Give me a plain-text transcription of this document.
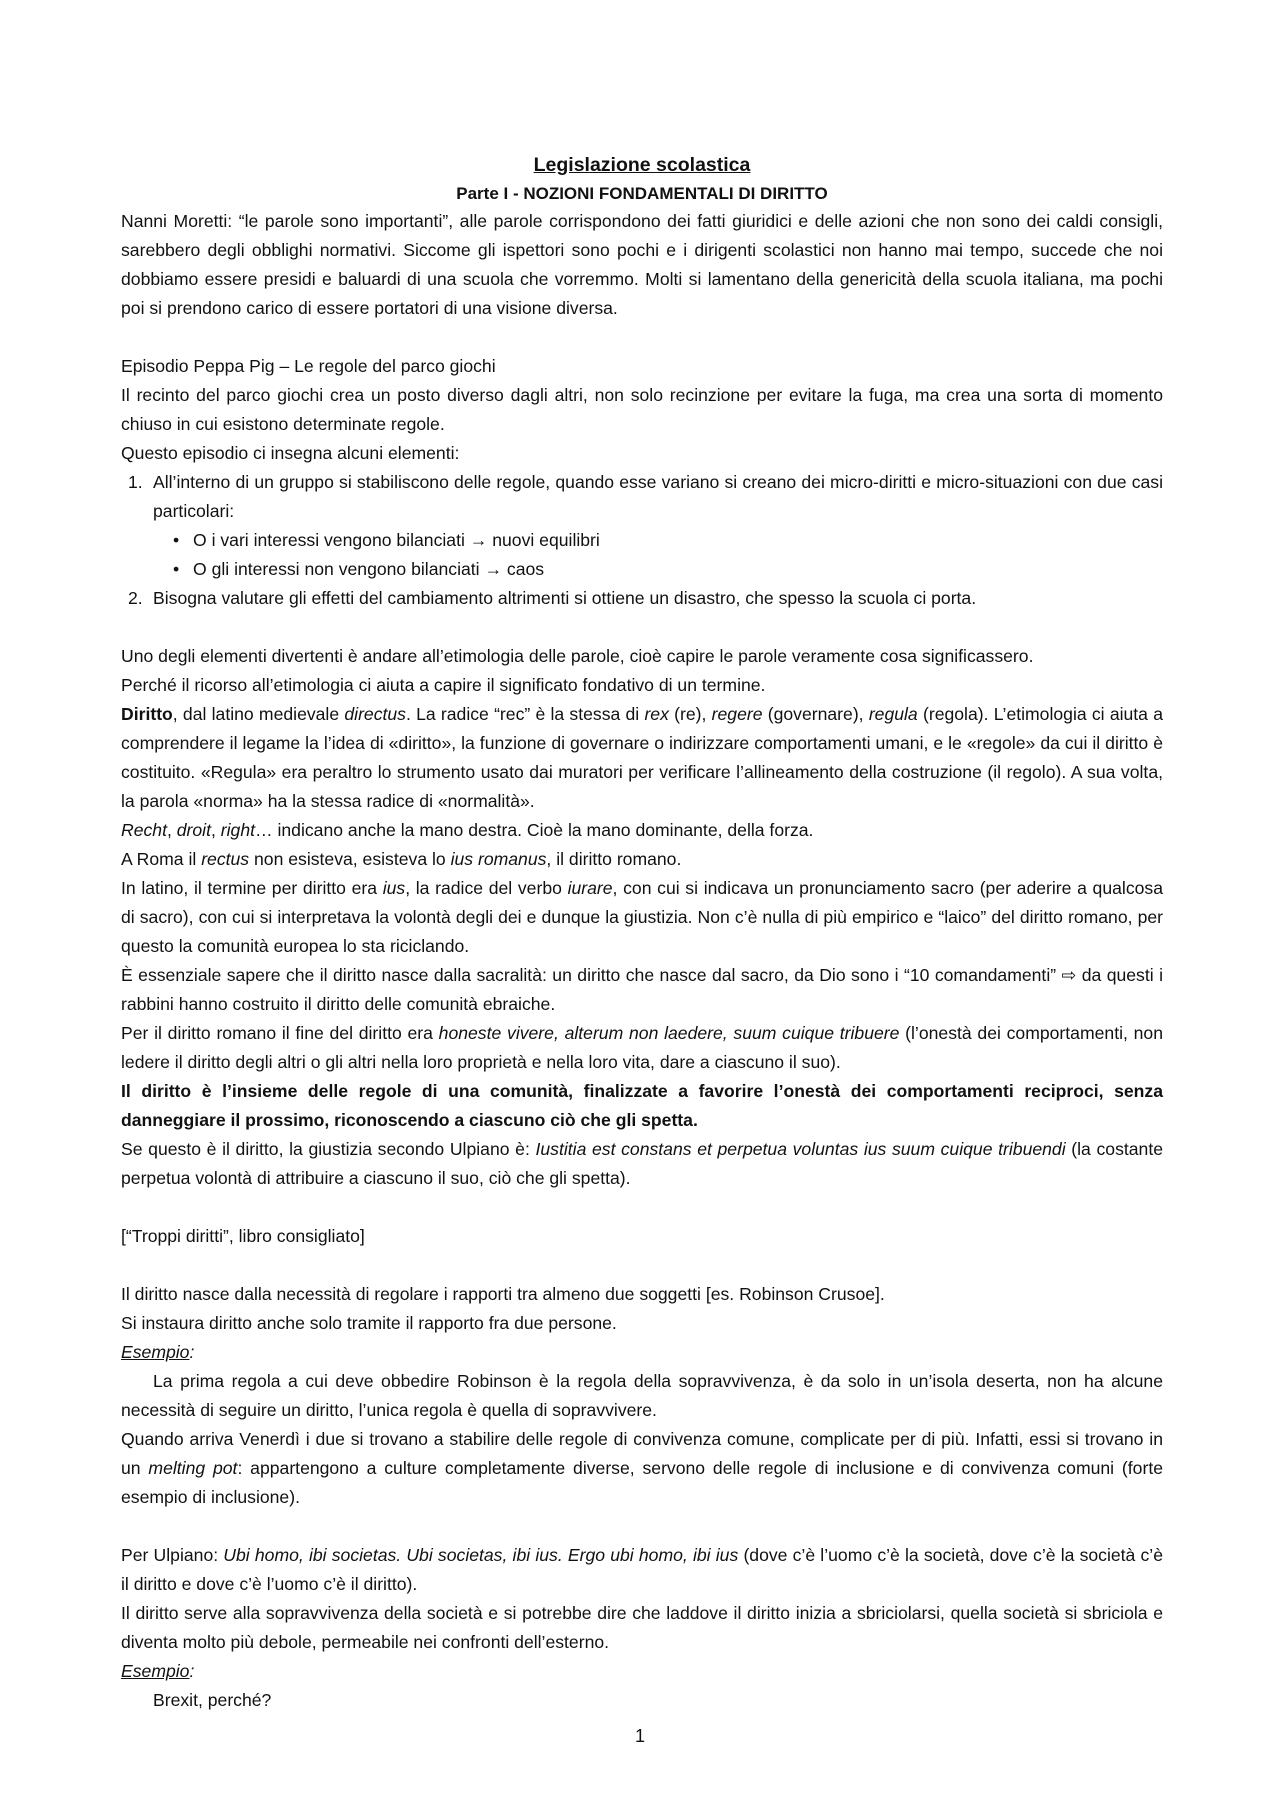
Legislazione scolastica
Parte I - NOZIONI FONDAMENTALI DI DIRITTO

Nanni Moretti: “le parole sono importanti”, alle parole corrispondono dei fatti giuridici e delle azioni che non sono dei caldi consigli, sarebbero degli obblighi normativi. Siccome gli ispettori sono pochi e i dirigenti scolastici non hanno mai tempo, succede che noi dobbiamo essere presidi e baluardi di una scuola che vorremmo. Molti si lamentano della genericità della scuola italiana, ma pochi poi si prendono carico di essere portatori di una visione diversa.

Episodio Peppa Pig – Le regole del parco giochi

Il recinto del parco giochi crea un posto diverso dagli altri, non solo recinzione per evitare la fuga, ma crea una sorta di momento chiuso in cui esistono determinate regole.

Questo episodio ci insegna alcuni elementi:

1. All’interno di un gruppo si stabiliscono delle regole, quando esse variano si creano dei micro-diritti e micro-situazioni con due casi particolari:
• O i vari interessi vengono bilanciati → nuovi equilibri
• O gli interessi non vengono bilanciati → caos
2. Bisogna valutare gli effetti del cambiamento altrimenti si ottiene un disastro, che spesso la scuola ci porta.

Uno degli elementi divertenti è andare all’etimologia delle parole, cioè capire le parole veramente cosa significassero.

Perché il ricorso all’etimologia ci aiuta a capire il significato fondativo di un termine.

Diritto, dal latino medievale directus. La radice “rec” è la stessa di rex (re), regere (governare), regula (regola). L’etimologia ci aiuta a comprendere il legame la l’idea di «diritto», la funzione di governare o indirizzare comportamenti umani, e le «regole» da cui il diritto è costituito. «Regula» era peraltro lo strumento usato dai muratori per verificare l’allineamento della costruzione (il regolo). A sua volta, la parola «norma» ha la stessa radice di «normalità».

Recht, droit, right… indicano anche la mano destra. Cioè la mano dominante, della forza.

A Roma il rectus non esisteva, esisteva lo ius romanus, il diritto romano.

In latino, il termine per diritto era ius, la radice del verbo iurare, con cui si indicava un pronunciamento sacro (per aderire a qualcosa di sacro), con cui si interpretava la volontà degli dei e dunque la giustizia. Non c’è nulla di più empirico e “laico” del diritto romano, per questo la comunità europea lo sta riciclando.

È essenziale sapere che il diritto nasce dalla sacralità: un diritto che nasce dal sacro, da Dio sono i “10 comandamenti” ⇨ da questi i rabbini hanno costruito il diritto delle comunità ebraiche.

Per il diritto romano il fine del diritto era honeste vivere, alterum non laedere, suum cuique tribuere (l’onestà dei comportamenti, non ledere il diritto degli altri o gli altri nella loro proprietà e nella loro vita, dare a ciascuno il suo).

Il diritto è l’insieme delle regole di una comunità, finalizzate a favorire l’onestà dei comportamenti reciproci, senza danneggiare il prossimo, riconoscendo a ciascuno ciò che gli spetta.

Se questo è il diritto, la giustizia secondo Ulpiano è: Iustitia est constans et perpetua voluntas ius suum cuique tribuendi (la costante perpetua volontà di attribuire a ciascuno il suo, ciò che gli spetta).

[“Troppi diritti”, libro consigliato]

Il diritto nasce dalla necessità di regolare i rapporti tra almeno due soggetti [es. Robinson Crusoe].

Si instaura diritto anche solo tramite il rapporto fra due persone.

Esempio:

La prima regola a cui deve obbedire Robinson è la regola della sopravvivenza, è da solo in un’isola deserta, non ha alcune necessità di seguire un diritto, l’unica regola è quella di sopravvivere.

Quando arriva Venerdì i due si trovano a stabilire delle regole di convivenza comune, complicate per di più. Infatti, essi si trovano in un melting pot: appartengono a culture completamente diverse, servono delle regole di inclusione e di convivenza comuni (forte esempio di inclusione).

Per Ulpiano: Ubi homo, ibi societas. Ubi societas, ibi ius. Ergo ubi homo, ibi ius (dove c’è l’uomo c’è la società, dove c’è la società c’è il diritto e dove c’è l’uomo c’è il diritto).

Il diritto serve alla sopravvivenza della società e si potrebbe dire che laddove il diritto inizia a sbriciolarsi, quella società si sbriciola e diventa molto più debole, permeabile nei confronti dell’esterno.

Esempio:

Brexit, perché?

1
